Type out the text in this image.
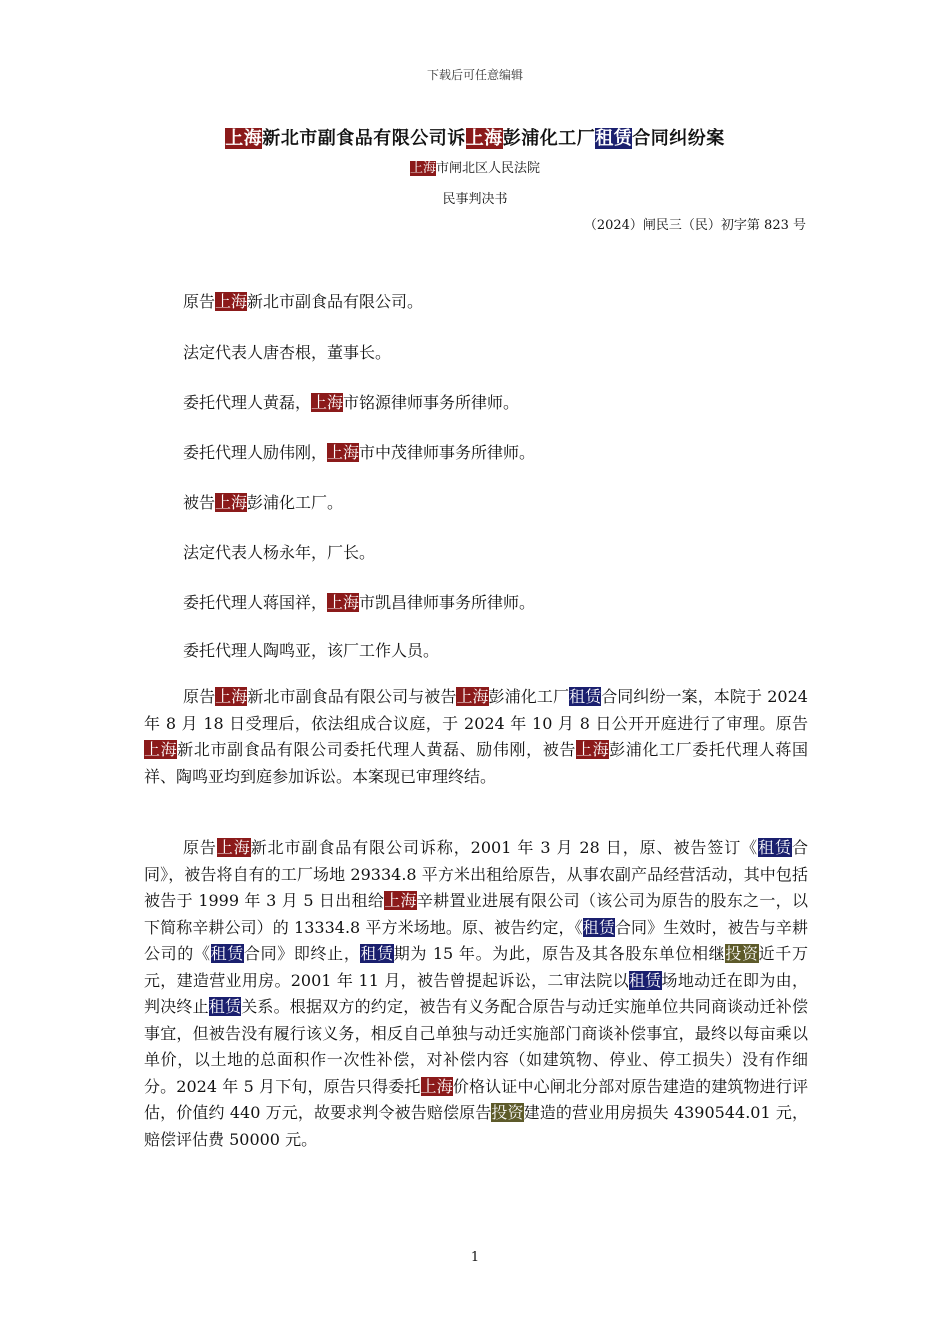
下载后可任意编辑
上海新北市副食品有限公司诉上海彭浦化工厂租赁合同纠纷案
上海市闸北区人民法院
民事判决书
（2024）闸民三（民）初字第 823 号
原告上海新北市副食品有限公司。
法定代表人唐杏根，董事长。
委托代理人黄磊，上海市铭源律师事务所律师。
委托代理人励伟刚，上海市中茂律师事务所律师。
被告上海彭浦化工厂。
法定代表人杨永年，厂长。
委托代理人蒋国祥，上海市凯昌律师事务所律师。
委托代理人陶鸣亚，该厂工作人员。
原告上海新北市副食品有限公司与被告上海彭浦化工厂租赁合同纠纷一案，本院于 2024 年 8 月 18 日受理后，依法组成合议庭，于 2024 年 10 月 8 日公开开庭进行了审理。原告上海新北市副食品有限公司委托代理人黄磊、励伟刚，被告上海彭浦化工厂委托代理人蒋国祥、陶鸣亚均到庭参加诉讼。本案现已审理终结。
原告上海新北市副食品有限公司诉称，2001 年 3 月 28 日，原、被告签订《租赁合同》，被告将自有的工厂场地 29334.8 平方米出租给原告，从事农副产品经营活动，其中包括被告于 1999 年 3 月 5 日出租给上海辛耕置业进展有限公司（该公司为原告的股东之一，以下简称辛耕公司）的 13334.8 平方米场地。原、被告约定，《租赁合同》生效时，被告与辛耕公司的《租赁合同》即终止，租赁期为 15 年。为此，原告及其各股东单位相继投资近千万元，建造营业用房。2001 年 11 月，被告曾提起诉讼，二审法院以租赁场地动迁在即为由，判决终止租赁关系。根据双方的约定，被告有义务配合原告与动迁实施单位共同商谈动迁补偿事宜，但被告没有履行该义务，相反自己单独与动迁实施部门商谈补偿事宜，最终以每亩乘以单价，以土地的总面积作一次性补偿，对补偿内容（如建筑物、停业、停工损失）没有作细分。2024 年 5 月下旬，原告只得委托上海价格认证中心闸北分部对原告建造的建筑物进行评估，价值约 440 万元，故要求判令被告赔偿原告投资建造的营业用房损失 4390544.01 元，赔偿评估费 50000 元。
1
